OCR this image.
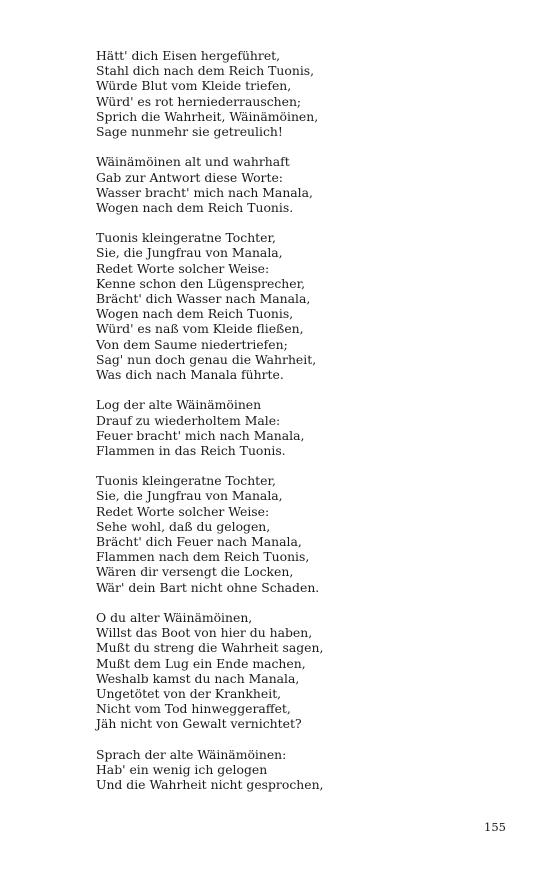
Hätt' dich Eisen hergeführet,
Stahl dich nach dem Reich Tuonis,
Würde Blut vom Kleide triefen,
Würd' es rot herniederrauschen;
Sprich die Wahrheit, Wäinämöinen,
Sage nunmehr sie getreulich!
Wäinämöinen alt und wahrhaft
Gab zur Antwort diese Worte:
Wasser bracht' mich nach Manala,
Wogen nach dem Reich Tuonis.
Tuonis kleingeratne Tochter,
Sie, die Jungfrau von Manala,
Redet Worte solcher Weise:
Kenne schon den Lügensprecher,
Brächt' dich Wasser nach Manala,
Wogen nach dem Reich Tuonis,
Würd' es naß vom Kleide fließen,
Von dem Saume niedertriefen;
Sag' nun doch genau die Wahrheit,
Was dich nach Manala führte.
Log der alte Wäinämöinen
Drauf zu wiederholtem Male:
Feuer bracht' mich nach Manala,
Flammen in das Reich Tuonis.
Tuonis kleingeratne Tochter,
Sie, die Jungfrau von Manala,
Redet Worte solcher Weise:
Sehe wohl, daß du gelogen,
Brächt' dich Feuer nach Manala,
Flammen nach dem Reich Tuonis,
Wären dir versengt die Locken,
Wär' dein Bart nicht ohne Schaden.
O du alter Wäinämöinen,
Willst das Boot von hier du haben,
Mußt du streng die Wahrheit sagen,
Mußt dem Lug ein Ende machen,
Weshalb kamst du nach Manala,
Ungetötet von der Krankheit,
Nicht vom Tod hinweggeraffet,
Jäh nicht von Gewalt vernichtet?
Sprach der alte Wäinämöinen:
Hab' ein wenig ich gelogen
Und die Wahrheit nicht gesprochen,
155
